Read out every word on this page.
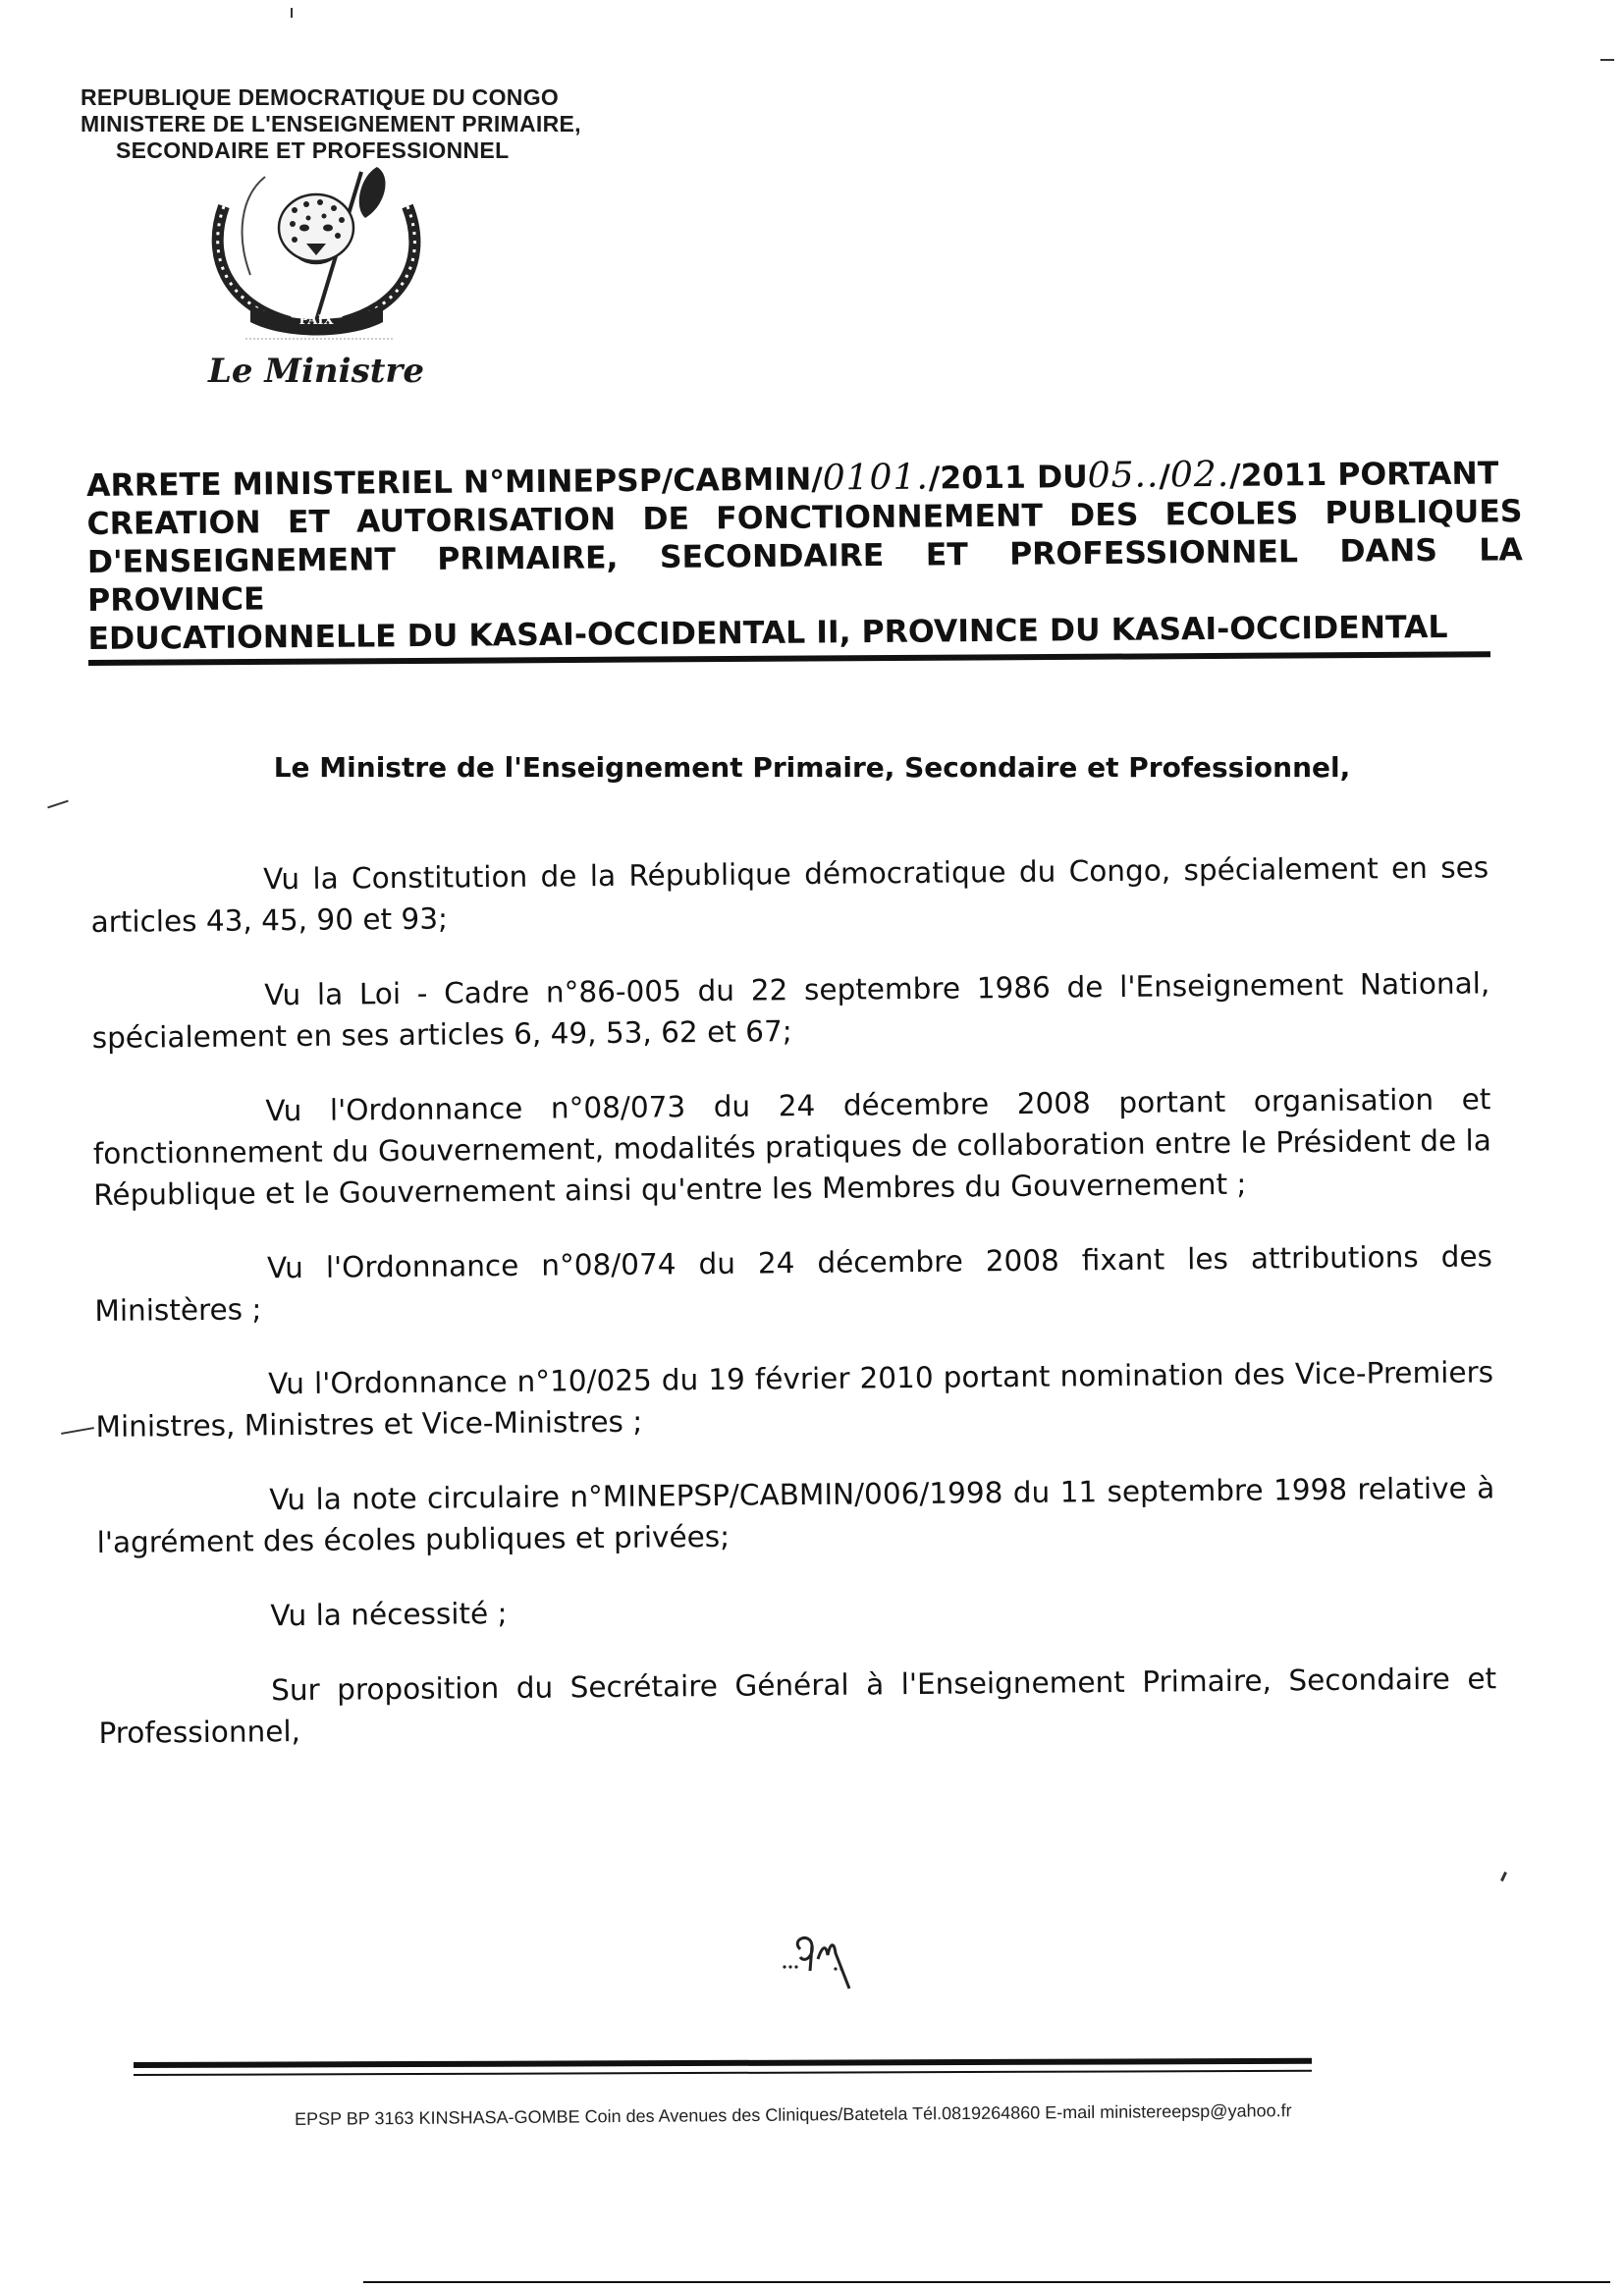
REPUBLIQUE DEMOCRATIQUE DU CONGO
MINISTERE DE L'ENSEIGNEMENT PRIMAIRE,
SECONDAIRE ET PROFESSIONNEL
PAIX
Le Ministre
ARRETE MINISTERIEL N°MINEPSP/CABMIN/0101./2011 DU05../02./2011 PORTANT
CREATION ET AUTORISATION DE FONCTIONNEMENT DES ECOLES PUBLIQUES
D'ENSEIGNEMENT PRIMAIRE, SECONDAIRE ET PROFESSIONNEL DANS LA PROVINCE
EDUCATIONNELLE DU KASAI-OCCIDENTAL II, PROVINCE DU KASAI-OCCIDENTAL
Le Ministre de l'Enseignement Primaire, Secondaire et Professionnel,

Vu la Constitution de la République démocratique du Congo, spécialement en ses articles 43, 45, 90 et 93;

Vu la Loi - Cadre n°86-005 du 22 septembre 1986 de l'Enseignement National, spécialement en ses articles 6, 49, 53, 62 et 67;

Vu l'Ordonnance n°08/073 du 24 décembre 2008 portant organisation et fonctionnement du Gouvernement, modalités pratiques de collaboration entre le Président de la République et le Gouvernement ainsi qu'entre les Membres du Gouvernement ;

Vu l'Ordonnance n°08/074 du 24 décembre 2008 fixant les attributions des Ministères ;

Vu l'Ordonnance n°10/025 du 19 février 2010 portant nomination des Vice-Premiers Ministres, Ministres et Vice-Ministres ;

Vu la note circulaire n°MINEPSP/CABMIN/006/1998 du 11 septembre 1998 relative à l'agrément des écoles publiques et privées;

Vu la nécessité ;

Sur proposition du Secrétaire Général à l'Enseignement Primaire, Secondaire et Professionnel,

EPSP BP 3163 KINSHASA-GOMBE Coin des Avenues des Cliniques/Batetela Tél.0819264860 E-mail ministereepsp@yahoo.fr
